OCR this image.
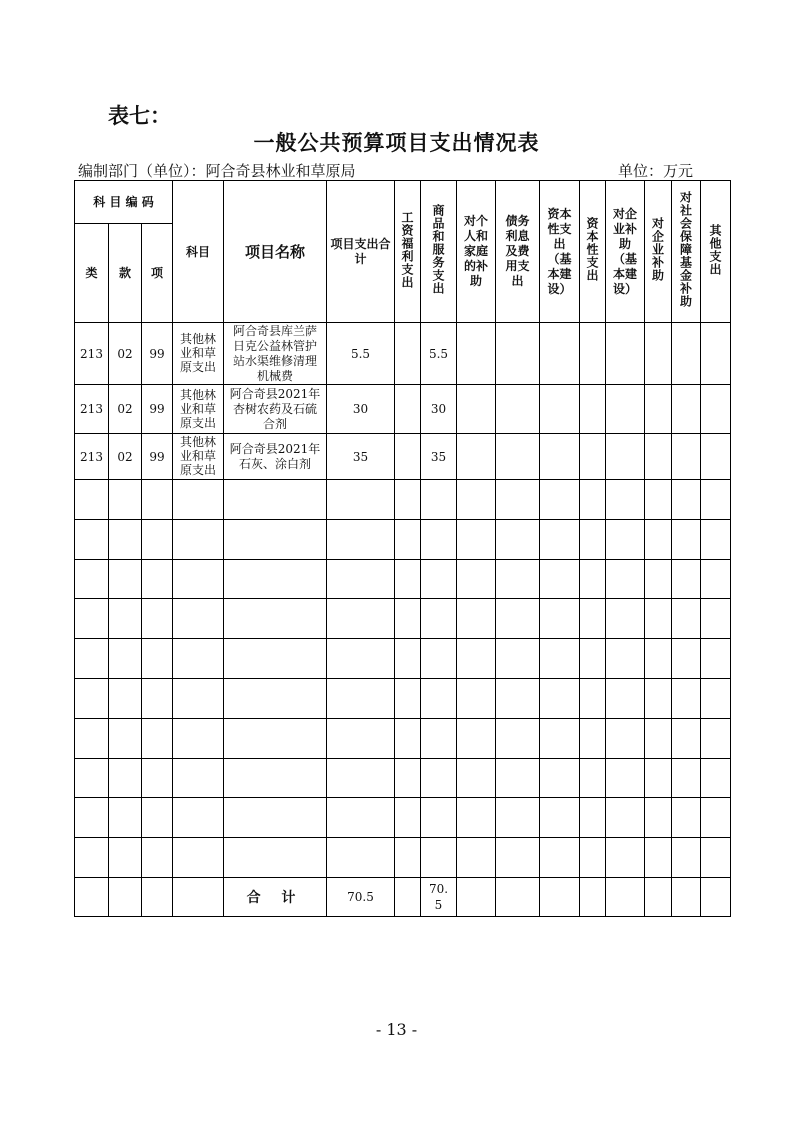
表七：
一般公共预算项目支出情况表
编制部门（单位）：阿合奇县林业和草原局	单位：万元
科 目 编 码			科目	项目名称	项目支出合计	工资福利支出	商品和服务支出	对个人和家庭的补助	债务利息及费用支出	资本性支出（基本建设）	资本性支出	对企业补助（基本建设）	对企业补助	对社会保障基金补助	其他支出
类	款	项													
213	02	99	其他林业和草原支出	阿合奇县库兰萨日克公益林管护站水渠维修清理机械费	5.5		5.5								
213	02	99	其他林业和草原支出	阿合奇县2021年杏树农药及石硫合剂	30		30								
213	02	99	其他林业和草原支出	阿合奇县2021年石灰、涂白剂	35		35								

				合 计	70.5		70.5								
- 13 -
